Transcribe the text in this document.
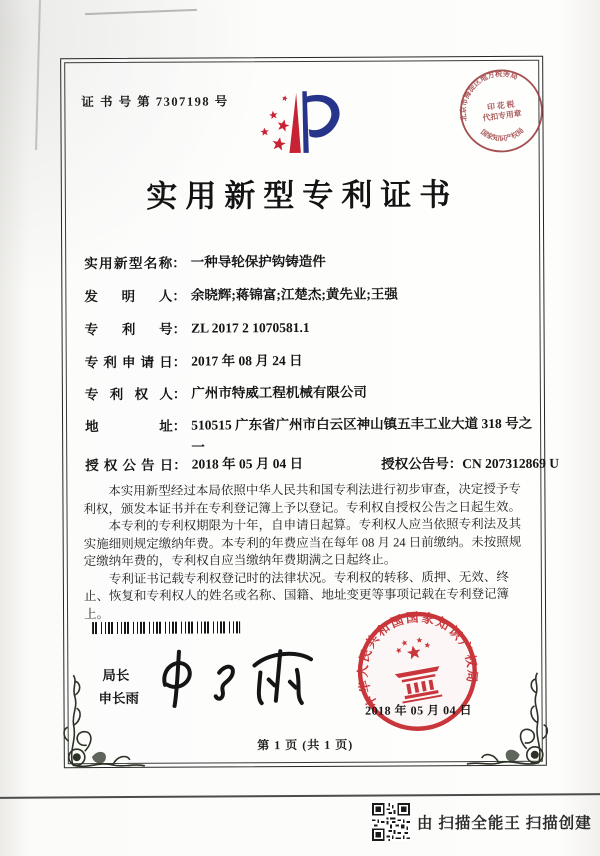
证 书 号 第 7307198 号
北京市海淀区地方税务局
印 花 税
代扣专用章
国家知识产权局
实用新型专利证书
实用新型名称 ： 一种导轮保护钩铸造件
发明人 ： 余晓辉;蒋锦富;江楚杰;黄先业;王强
专利号 ： ZL 2017 2 1070581.1
专利申请日 ： 2017 年 08 月 24 日
专利权人 ： 广州市特威工程机械有限公司
地址 ： 510515 广东省广州市白云区神山镇五丰工业大道 318 号之一
授权公告日 ： 2018 年 05 月 04 日	授权公告号：CN 207312869 U

本实用新型经过本局依照中华人民共和国专利法进行初步审查，决定授予专利权，颁发本证书并在专利登记簿上予以登记。专利权自授权公告之日起生效。

本专利的专利权期限为十年，自申请日起算。专利权人应当依照专利法及其实施细则规定缴纳年费。本专利的年费应当在每年 08 月 24 日前缴纳。未按照规定缴纳年费的，专利权自应当缴纳年费期满之日起终止。

专利证书记载专利权登记时的法律状况。专利权的转移、质押、无效、终止、恢复和专利权人的姓名或名称、国籍、地址变更等事项记载在专利登记簿上。

中华人民共和国国家知识产权局
2018 年 05 月 04 日
局长
申长雨
第 1 页 (共 1 页)
由 扫描全能王 扫描创建
